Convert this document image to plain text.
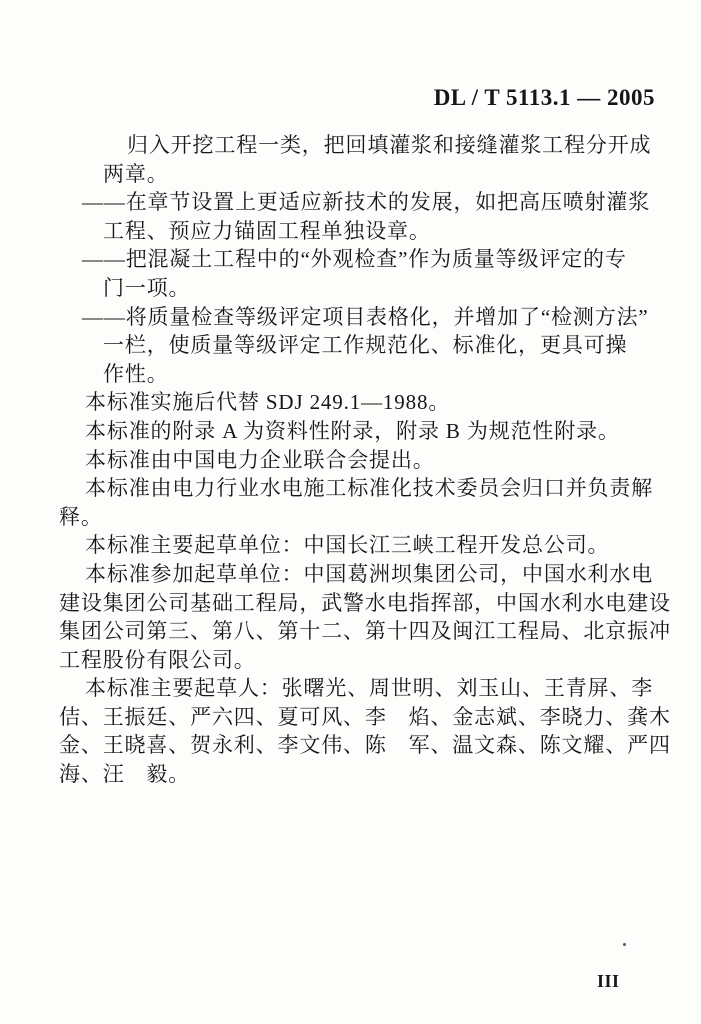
DL / T 5113.1 — 2005
归入开挖工程一类，把回填灌浆和接缝灌浆工程分开成
两章。
——在章节设置上更适应新技术的发展，如把高压喷射灌浆
工程、预应力锚固工程单独设章。
——把混凝土工程中的“外观检查”作为质量等级评定的专
门一项。
——将质量检查等级评定项目表格化，并增加了“检测方法”
一栏，使质量等级评定工作规范化、标准化，更具可操
作性。
本标准实施后代替 SDJ 249.1—1988。
本标准的附录 A 为资料性附录，附录 B 为规范性附录。
本标准由中国电力企业联合会提出。
本标准由电力行业水电施工标准化技术委员会归口并负责解
释。
本标准主要起草单位：中国长江三峡工程开发总公司。
本标准参加起草单位：中国葛洲坝集团公司，中国水利水电
建设集团公司基础工程局，武警水电指挥部，中国水利水电建设
集团公司第三、第八、第十二、第十四及闽江工程局、北京振冲
工程股份有限公司。
本标准主要起草人：张曙光、周世明、刘玉山、王青屏、李
佶、王振廷、严六四、夏可风、李　焰、金志斌、李晓力、龚木
金、王晓喜、贺永利、李文伟、陈　军、温文森、陈文耀、严四
海、汪　毅。
III
